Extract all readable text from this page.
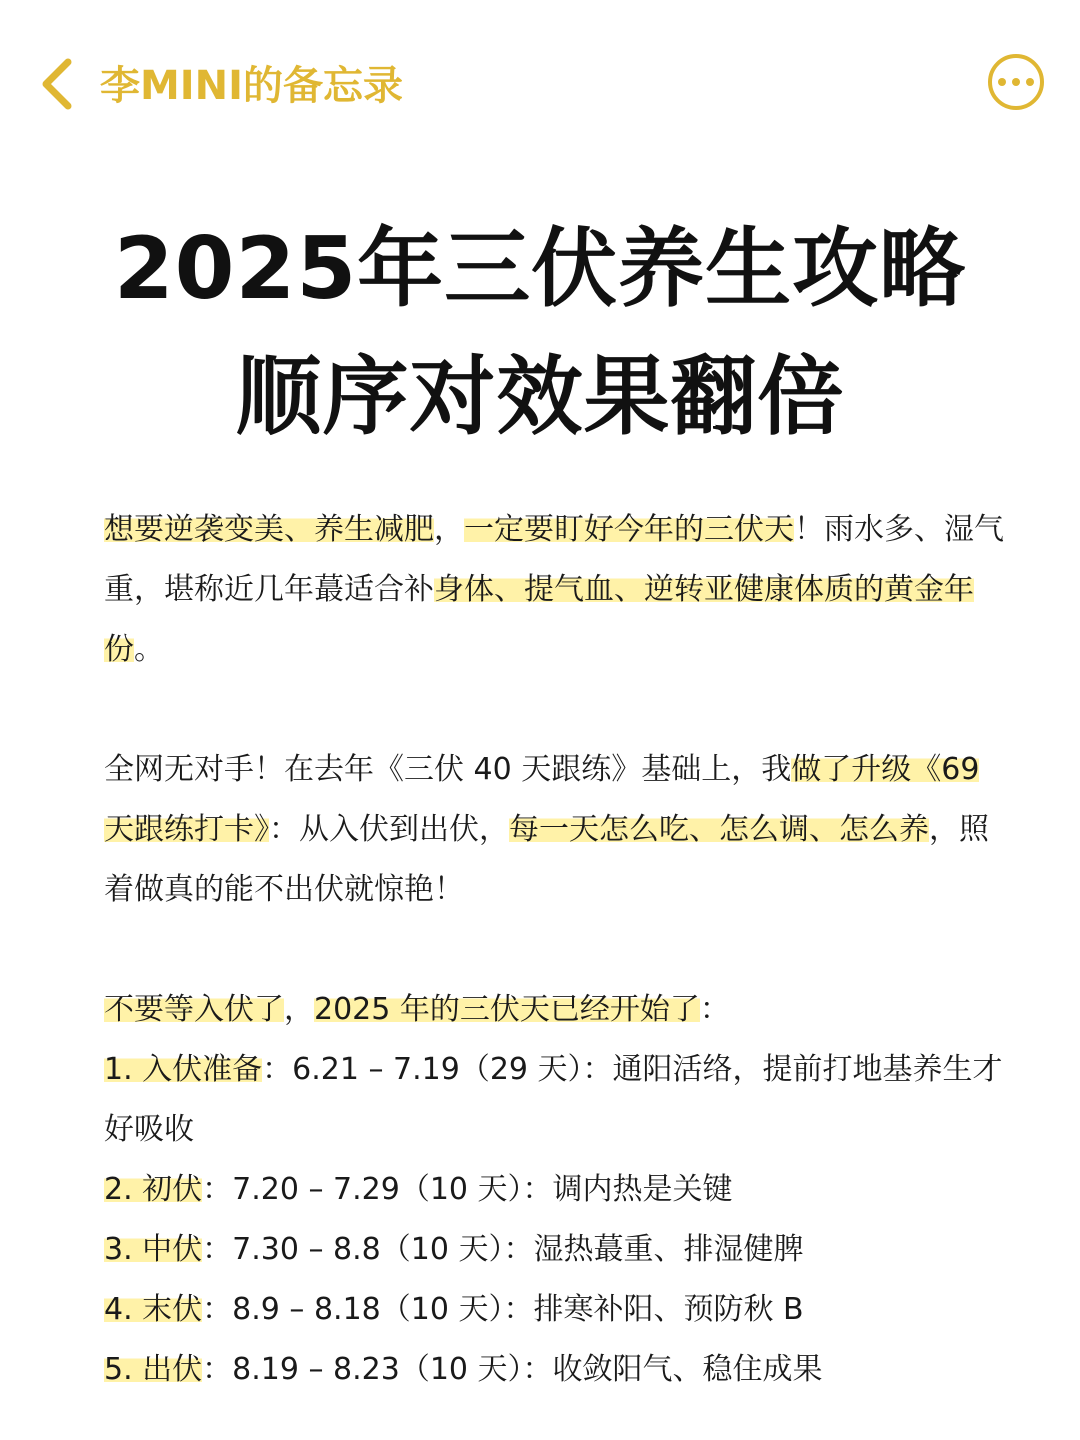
李MINI的备忘录
2025年三伏养生攻略
顺序对效果翻倍

想要逆袭变美、养生减肥，一定要盯好今年的三伏天！雨水多、湿气重，堪称近几年蕞适合补身体、提气血、逆转亚健康体质的黄金年份。

全网无对手！在去年《三伏 40 天跟练》基础上，我做了升级《69 天跟练打卡》：从入伏到出伏，每一天怎么吃、怎么调、怎么养，照着做真的能不出伏就惊艳！

不要等入伏了，2025 年的三伏天已经开始了：

1. 入伏准备：6.21 – 7.19（29 天）：通阳活络，提前打地基养生才好吸收

2. 初伏：7.20 – 7.29（10 天）：调内热是关键

3. 中伏：7.30 – 8.8（10 天）：湿热蕞重、排湿健脾

4. 末伏：8.9 – 8.18（10 天）：排寒补阳、预防秋 B

5. 出伏：8.19 – 8.23（10 天）：收敛阳气、稳住成果
